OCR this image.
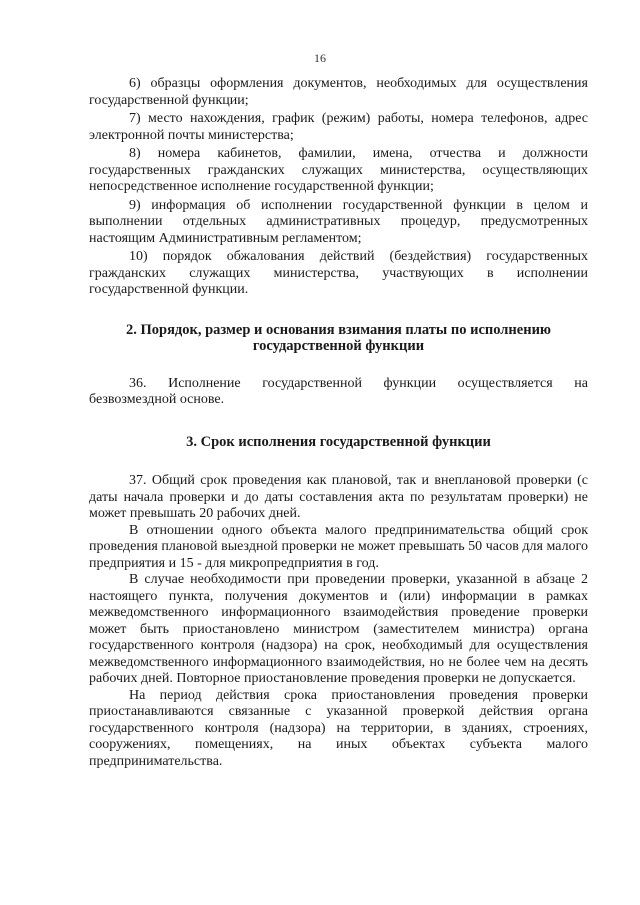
16

6) образцы оформления документов, необходимых для осуществления государственной функции;

7) место нахождения, график (режим) работы, номера телефонов, адрес электронной почты министерства;

8) номера кабинетов, фамилии, имена, отчества и должности государственных гражданских служащих министерства, осуществляющих непосредственное исполнение государственной функции;

9) информация об исполнении государственной функции в целом и выполнении отдельных административных процедур, предусмотренных настоящим Административным регламентом;

10) порядок обжалования действий (бездействия) государственных гражданских служащих министерства, участвующих в исполнении государственной функции.

2. Порядок, размер и основания взимания платы по исполнению
государственной функции

36. Исполнение государственной функции осуществляется на безвозмездной основе.

3. Срок исполнения государственной функции

37. Общий срок проведения как плановой, так и внеплановой проверки (с даты начала проверки и до даты составления акта по результатам проверки) не может превышать 20 рабочих дней.

В отношении одного объекта малого предпринимательства общий срок проведения плановой выездной проверки не может превышать 50 часов для малого предприятия и 15 - для микропредприятия в год.

В случае необходимости при проведении проверки, указанной в абзаце 2 настоящего пункта, получения документов и (или) информации в рамках межведомственного информационного взаимодействия проведение проверки может быть приостановлено министром (заместителем министра) органа государственного контроля (надзора) на срок, необходимый для осуществления межведомственного информационного взаимодействия, но не более чем на десять рабочих дней. Повторное приостановление проведения проверки не допускается.

На период действия срока приостановления проведения проверки приостанавливаются связанные с указанной проверкой действия органа государственного контроля (надзора) на территории, в зданиях, строениях, сооружениях, помещениях, на иных объектах субъекта малого предпринимательства.
